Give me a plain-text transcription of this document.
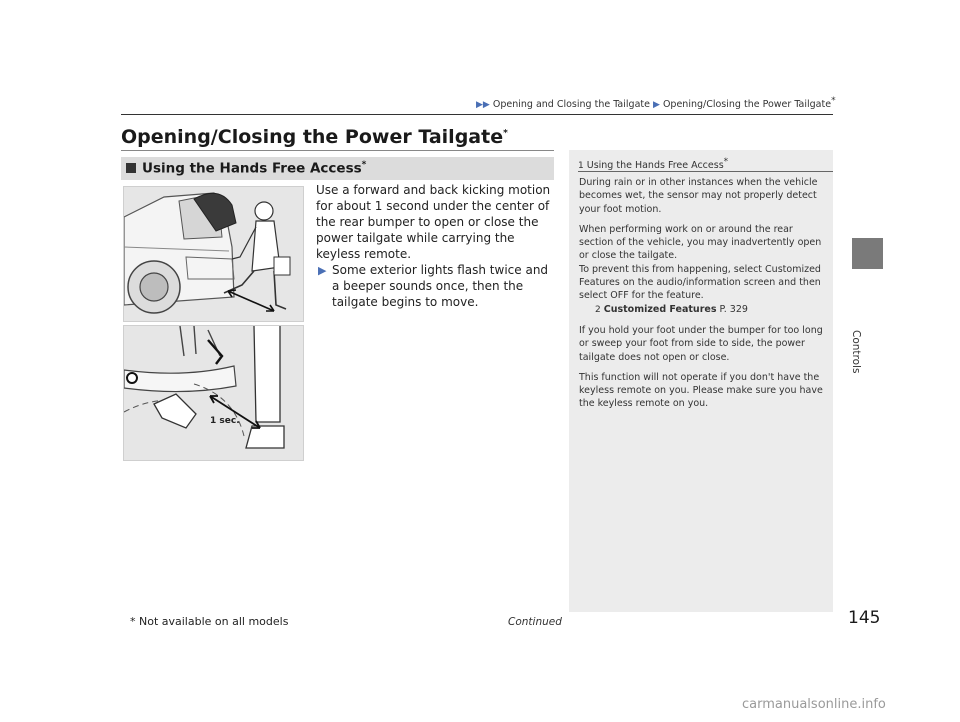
▶▶ Opening and Closing the Tailgate ▶ Opening/Closing the Power Tailgate*
Opening/Closing the Power Tailgate*
Using the Hands Free Access*
1 sec.

Use a forward and back kicking motion for about 1 second under the center of the rear bumper to open or close the power tailgate while carrying the keyless remote.

▶ Some exterior lights flash twice and a beeper sounds once, then the tailgate begins to move.
1 Using the Hands Free Access*

During rain or in other instances when the vehicle becomes wet, the sensor may not properly detect your foot motion.

When performing work on or around the rear section of the vehicle, you may inadvertently open or close the tailgate.

To prevent this from happening, select Customized Features on the audio/information screen and then select OFF for the feature.

2 Customized Features P. 329

If you hold your foot under the bumper for too long or sweep your foot from side to side, the power tailgate does not open or close.

This function will not operate if you don't have the keyless remote on you. Please make sure you have the keyless remote on you.

Controls
Continued	145
* Not available on all models
carmanualsonline.info
